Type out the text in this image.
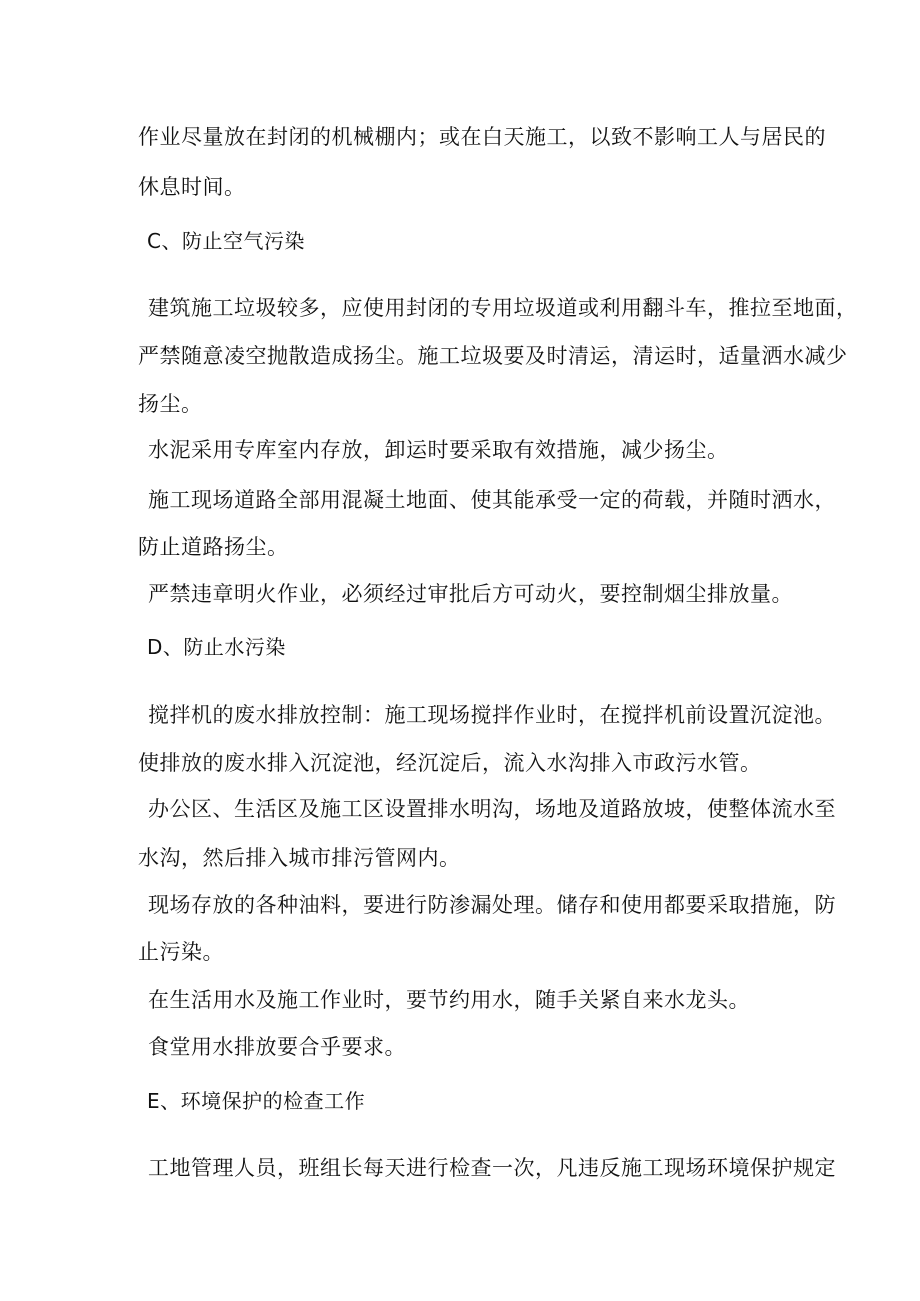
作业尽量放在封闭的机械棚内；或在白天施工，以致不影响工人与居民的
休息时间。
C、防止空气污染
建筑施工垃圾较多，应使用封闭的专用垃圾道或利用翻斗车，推拉至地面，
严禁随意凌空抛散造成扬尘。施工垃圾要及时清运，清运时，适量洒水减少
扬尘。
水泥采用专库室内存放，卸运时要采取有效措施，减少扬尘。
施工现场道路全部用混凝土地面、使其能承受一定的荷载，并随时洒水，
防止道路扬尘。
严禁违章明火作业，必须经过审批后方可动火，要控制烟尘排放量。
D、防止水污染
搅拌机的废水排放控制：施工现场搅拌作业时，在搅拌机前设置沉淀池。
使排放的废水排入沉淀池，经沉淀后，流入水沟排入市政污水管。
办公区、生活区及施工区设置排水明沟，场地及道路放坡，使整体流水至
水沟，然后排入城市排污管网内。
现场存放的各种油料，要进行防渗漏处理。储存和使用都要采取措施，防
止污染。
在生活用水及施工作业时，要节约用水，随手关紧自来水龙头。
食堂用水排放要合乎要求。
E、环境保护的检查工作
工地管理人员，班组长每天进行检查一次，凡违反施工现场环境保护规定
